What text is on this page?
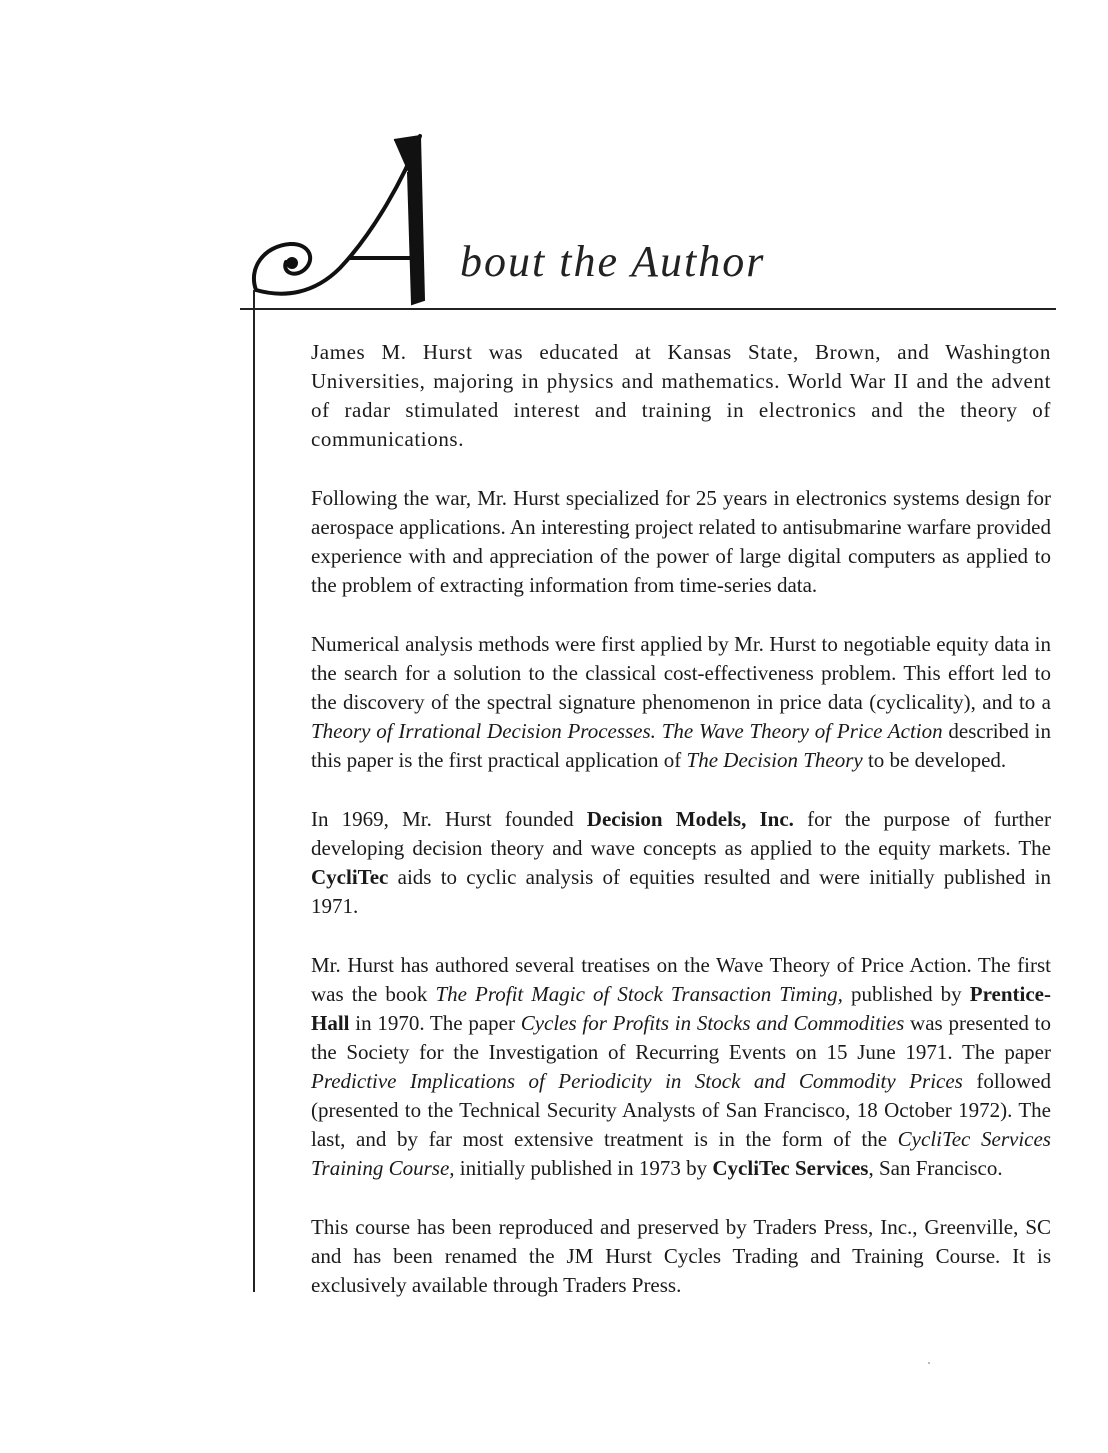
bout the Author

James M. Hurst was educated at Kansas State, Brown, and Washington Universities, majoring in physics and mathematics. World War II and the advent of radar stimulated interest and training in electronics and the theory of communications.

Following the war, Mr. Hurst specialized for 25 years in electronics systems design for aerospace applications. An interesting project related to antisubmarine warfare provided experience with and appreciation of the power of large digital computers as applied to the problem of extracting information from time-series data.

Numerical analysis methods were first applied by Mr. Hurst to negotiable equity data in the search for a solution to the classical cost-effectiveness problem. This effort led to the discovery of the spectral signature phenomenon in price data (cyclicality), and to a Theory of Irrational Decision Processes. The Wave Theory of Price Action described in this paper is the first practical application of The Decision Theory to be developed.

In 1969, Mr. Hurst founded Decision Models, Inc. for the purpose of further developing decision theory and wave concepts as applied to the equity markets. The CycliTec aids to cyclic analysis of equities resulted and were initially published in 1971.

Mr. Hurst has authored several treatises on the Wave Theory of Price Action. The first was the book The Profit Magic of Stock Transaction Timing, published by Prentice-Hall in 1970. The paper Cycles for Profits in Stocks and Commodities was presented to the Society for the Investigation of Recurring Events on 15 June 1971. The paper Predictive Implications of Periodicity in Stock and Commodity Prices followed (presented to the Technical Security Analysts of San Francisco, 18 October 1972). The last, and by far most extensive treatment is in the form of the CycliTec Services Training Course, initially published in 1973 by CycliTec Services, San Francisco.

This course has been reproduced and preserved by Traders Press, Inc., Greenville, SC and has been renamed the JM Hurst Cycles Trading and Training Course. It is exclusively available through Traders Press.
